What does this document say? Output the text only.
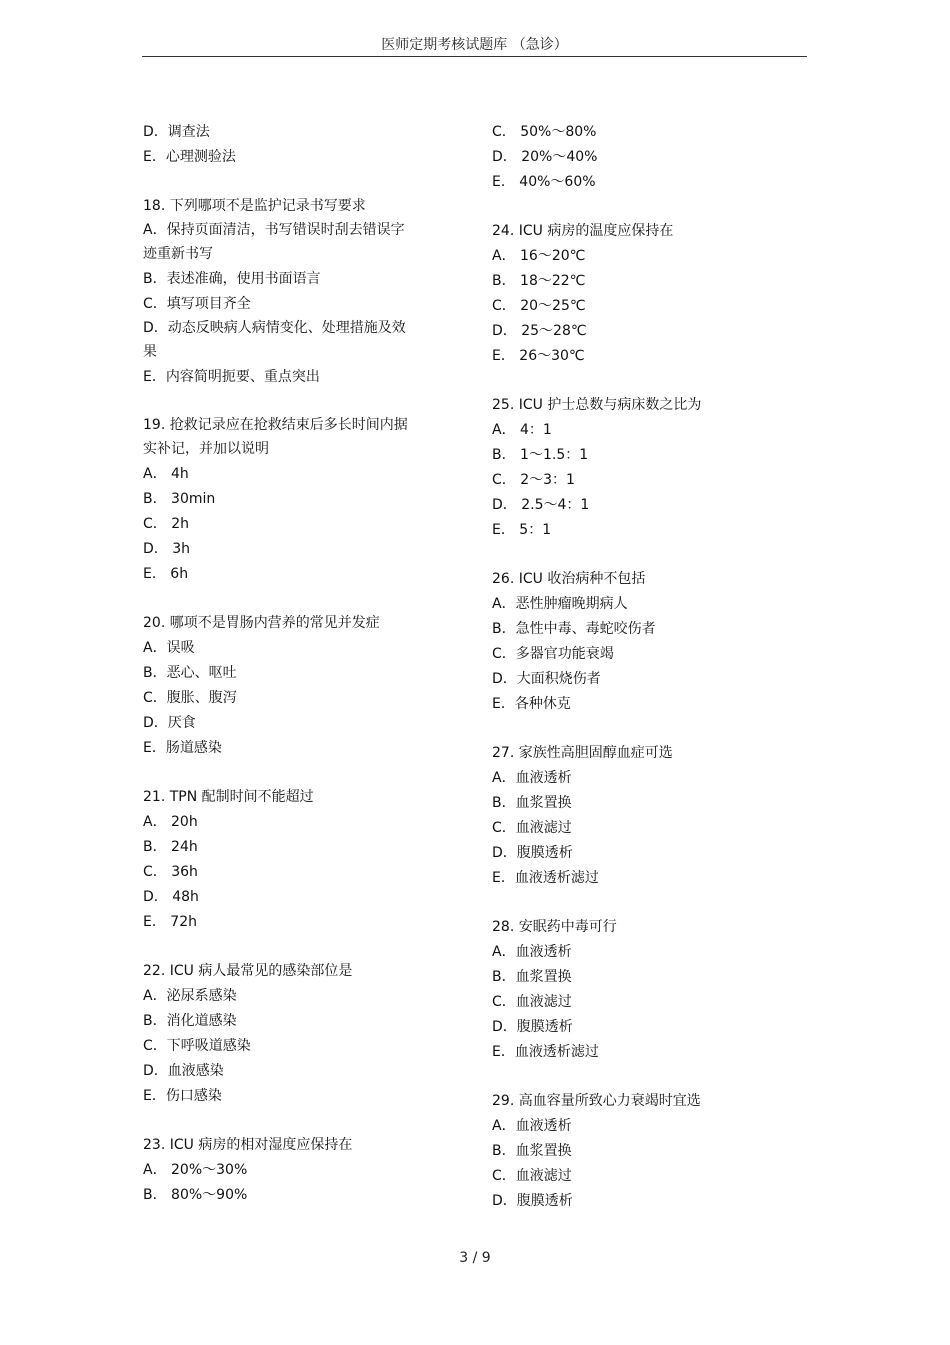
医师定期考核试题库 （急诊）
D．调查法
E．心理测验法
18. 下列哪项不是监护记录书写要求
A．保持页面清洁，书写错误时刮去错误字
迹重新书写
B．表述准确，使用书面语言
C．填写项目齐全
D．动态反映病人病情变化、处理措施及效
果
E．内容简明扼要、重点突出
19. 抢救记录应在抢救结束后多长时间内据
实补记，并加以说明
A． 4h
B． 30min
C． 2h
D． 3h
E． 6h
20. 哪项不是胃肠内营养的常见并发症
A．误吸
B．恶心、呕吐
C．腹胀、腹泻
D．厌食
E．肠道感染
21. TPN 配制时间不能超过
A． 20h
B． 24h
C． 36h
D． 48h
E． 72h
22. ICU 病人最常见的感染部位是
A．泌尿系感染
B．消化道感染
C．下呼吸道感染
D．血液感染
E．伤口感染
23. ICU 病房的相对湿度应保持在
A． 20%～30%
B． 80%～90%
C． 50%～80%
D． 20%～40%
E． 40%～60%
24. ICU 病房的温度应保持在
A． 16～20℃
B． 18～22℃
C． 20～25℃
D． 25～28℃
E． 26～30℃
25. ICU 护士总数与病床数之比为
A． 4：1
B． 1～1.5：1
C． 2～3：1
D． 2.5～4：1
E． 5：1
26. ICU 收治病种不包括
A．恶性肿瘤晚期病人
B．急性中毒、毒蛇咬伤者
C．多器官功能衰竭
D．大面积烧伤者
E．各种休克
27. 家族性高胆固醇血症可选
A．血液透析
B．血浆置换
C．血液滤过
D．腹膜透析
E．血液透析滤过
28. 安眠药中毒可行
A．血液透析
B．血浆置换
C．血液滤过
D．腹膜透析
E．血液透析滤过
29. 高血容量所致心力衰竭时宜选
A．血液透析
B．血浆置换
C．血液滤过
D．腹膜透析
3 / 9
